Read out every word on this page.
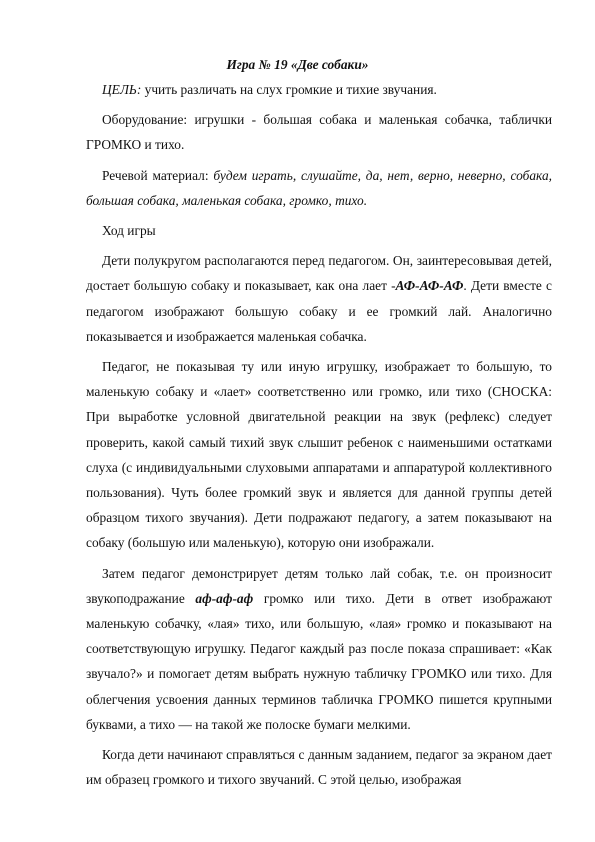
Игра № 19 «Две собаки»

ЦЕЛЬ: учить различать на слух громкие и тихие звучания.

Оборудование: игрушки - большая собака и маленькая собачка, таблички ГРОМКО и тихо.

Речевой материал: будем играть, слушайте, да, нет, верно, неверно, собака, большая собака, маленькая собака, громко, тихо.

Ход игры

Дети полукругом располагаются перед педагогом. Он, заинтересовывая детей, достает большую собаку и показывает, как она лает -АФ-АФ-АФ. Дети вместе с педагогом изображают большую собаку и ее громкий лай. Аналогично показывается и изображается маленькая собачка.

Педагог, не показывая ту или иную игрушку, изображает то большую, то маленькую собаку и «лает» соответственно или громко, или тихо (СНОСКА: При выработке условной двигательной реакции на звук (рефлекс) следует проверить, какой самый тихий звук слышит ребенок с наименьшими остатками слуха (с индивидуальными слуховыми аппаратами и аппаратурой коллективного пользования). Чуть более громкий звук и является для данной группы детей образцом тихого звучания). Дети подражают педагогу, а затем показывают на собаку (большую или маленькую), которую они изображали.

Затем педагог демонстрирует детям только лай собак, т.е. он произносит звукоподражание аф-аф-аф громко или тихо. Дети в ответ изображают маленькую собачку, «лая» тихо, или большую, «лая» громко и показывают на соответствующую игрушку. Педагог каждый раз после показа спрашивает: «Как звучало?» и помогает детям выбрать нужную табличку ГРОМКО или тихо. Для облегчения усвоения данных терминов табличка ГРОМКО пишется крупными буквами, а тихо — на такой же полоске бумаги мелкими.

Когда дети начинают справляться с данным заданием, педагог за экраном дает им образец громкого и тихого звучаний. С этой целью, изображая
